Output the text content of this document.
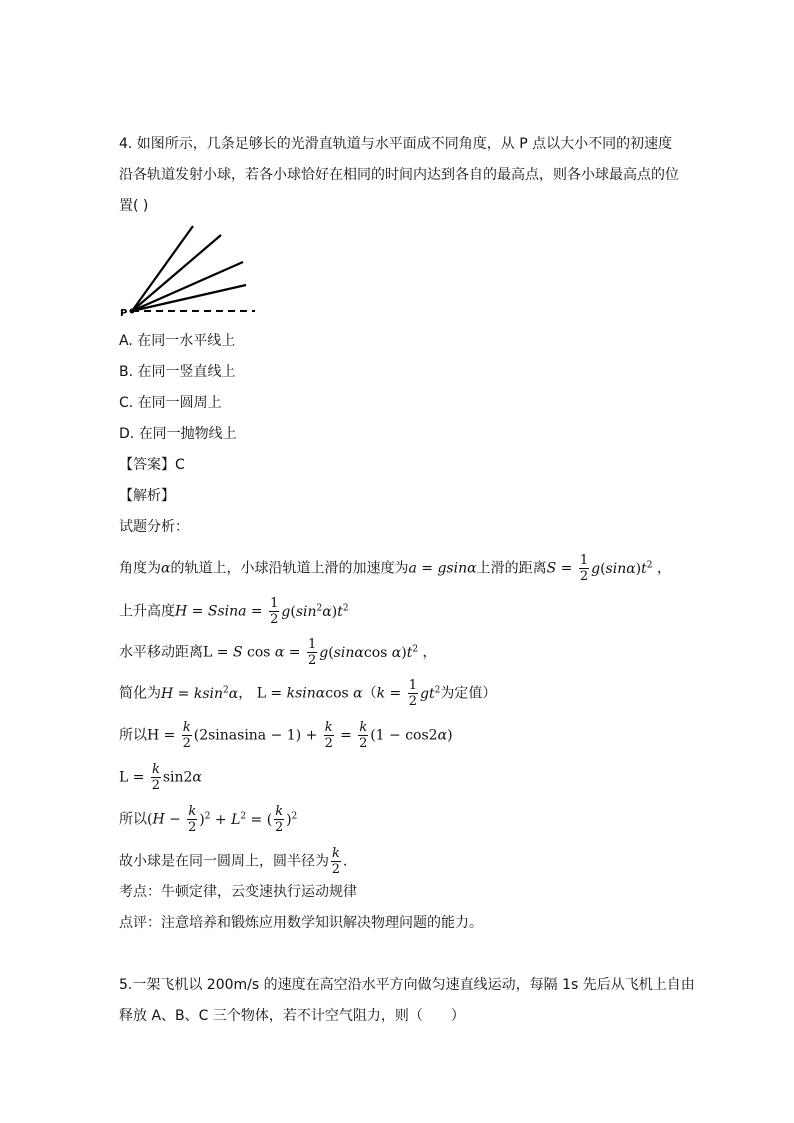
4. 如图所示，几条足够长的光滑直轨道与水平面成不同角度，从 P 点以大小不同的初速度
沿各轨道发射小球，若各小球恰好在相同的时间内达到各自的最高点，则各小球最高点的位
置( )
P
A. 在同一水平线上
B. 在同一竖直线上
C. 在同一圆周上
D. 在同一抛物线上
【答案】C
【解析】
试题分析：
角度为α的轨道上，小球沿轨道上滑的加速度为a = gsinα上滑的距离$S = \frac{1}{2} g(\sin\alpha)t^2$ ，
上升高度$H = Ssina = \frac{1}{2} g(\sin^2\alpha)t^2$
水平移动距离L = S $\cos \alpha = \frac{1}{2} g(\sin\alpha\cos$ $\alpha)t^2$ ，
简化为H = ksin$^2$α， L = ksinαcos $\alpha(k = \frac{1}{2} gt^2$为定值）
所以$H = \frac{k}{2}$ (2sinasina − $1) + \frac{k}{2} = \frac{k}{2} (1 - \cos 2\alpha)$
$L = \frac{k}{2} \sin 2\alpha$
所以$(H - \frac{k}{2} )^2 + L^2$ = ( $\frac{k}{2} )^2$
故小球是在同一圆周上，圆半径为 $\frac{k}{2}$ .
考点：牛顿定律，云变速执行运动规律
点评：注意培养和锻炼应用数学知识解决物理问题的能力。
5.一架飞机以 200m/s 的速度在高空沿水平方向做匀速直线运动，每隔 1s 先后从飞机上自由
释放 A、B、C 三个物体，若不计空气阻力，则（　　）
